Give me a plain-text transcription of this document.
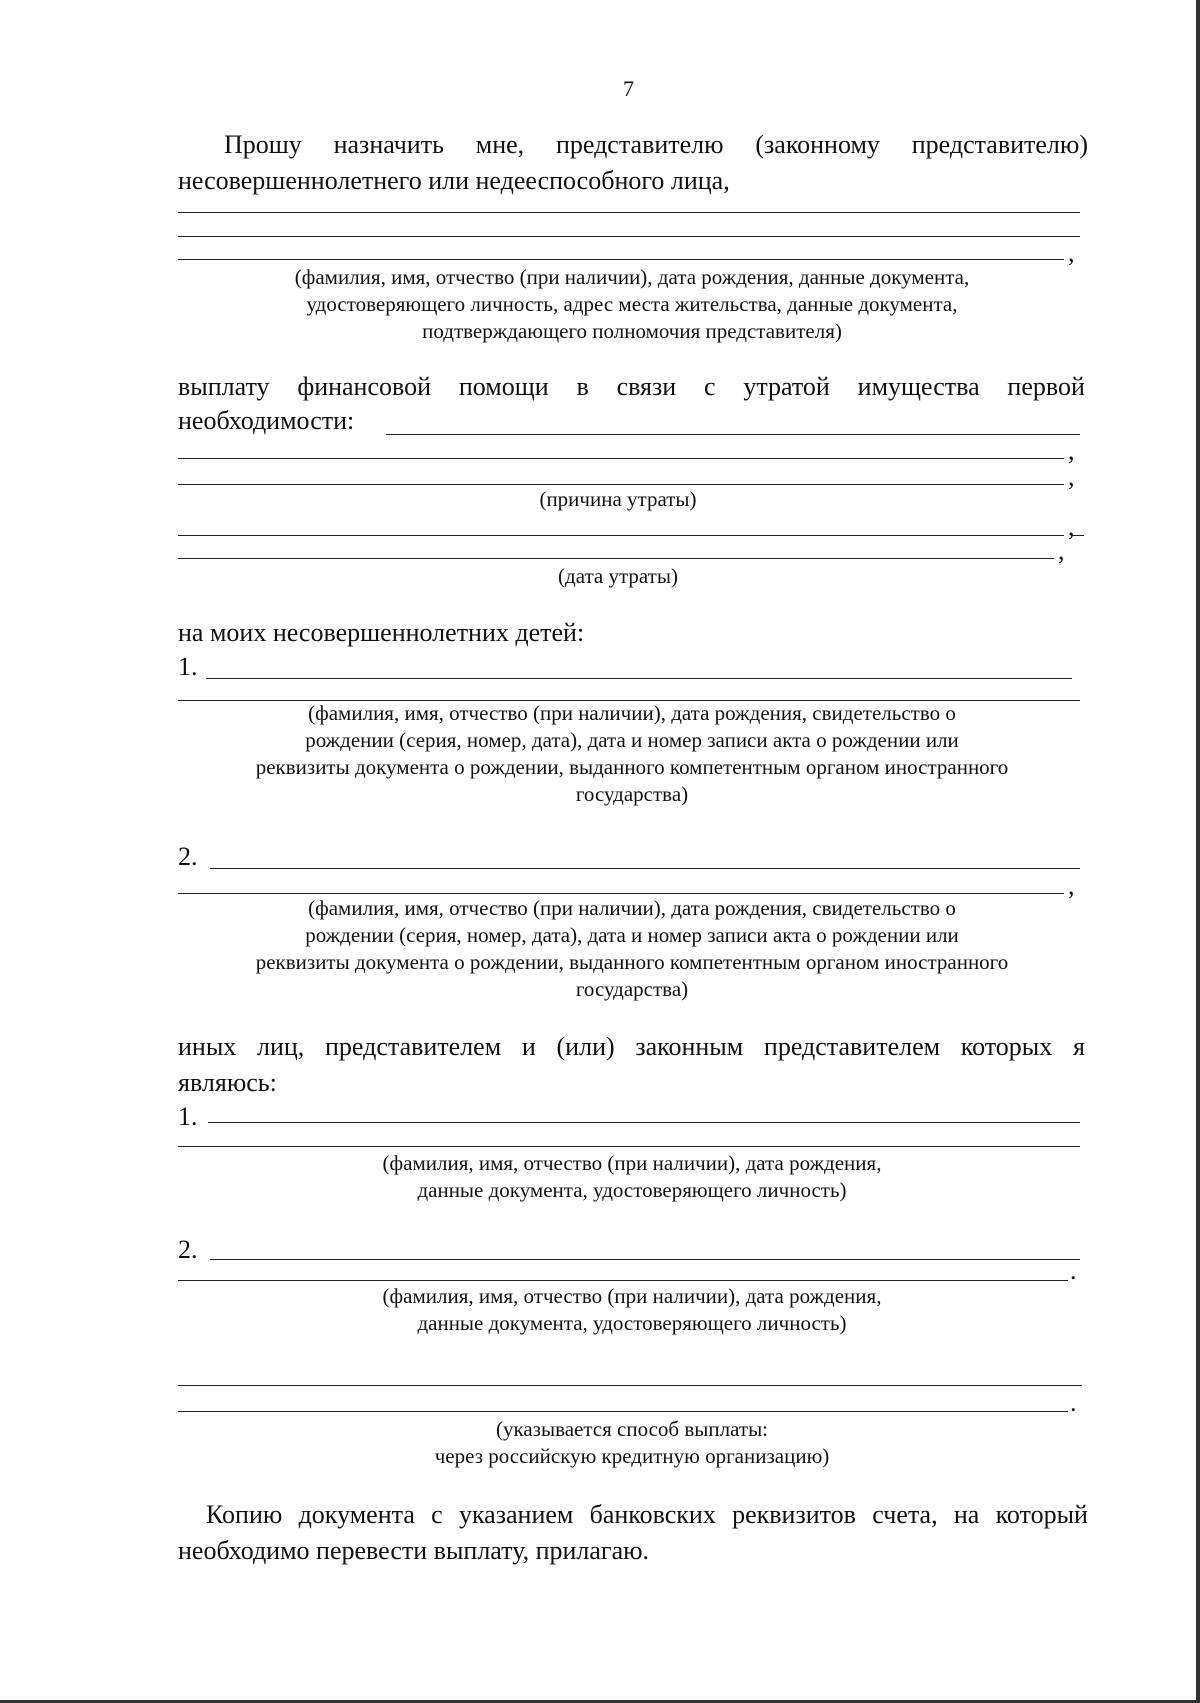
7
Прошу назначить мне, представителю (законному представителю)
несовершеннолетнего или недееспособного лица,
,
(фамилия, имя, отчество (при наличии), дата рождения, данные документа,
удостоверяющего личность, адрес места жительства, данные документа,
подтверждающего полномочия представителя)
выплату финансовой помощи в связи с утратой имущества первой
необходимости:
,
,
(причина утраты)
,
,
(дата утраты)
на моих несовершеннолетних детей:
1.
(фамилия, имя, отчество (при наличии), дата рождения, свидетельство о
рождении (серия, номер, дата), дата и номер записи акта о рождении или
реквизиты документа о рождении, выданного компетентным органом иностранного
государства)
2.
,
(фамилия, имя, отчество (при наличии), дата рождения, свидетельство о
рождении (серия, номер, дата), дата и номер записи акта о рождении или
реквизиты документа о рождении, выданного компетентным органом иностранного
государства)
иных лиц, представителем и (или) законным представителем которых я
являюсь:
1.
(фамилия, имя, отчество (при наличии), дата рождения,
данные документа, удостоверяющего личность)
2.
.
(фамилия, имя, отчество (при наличии), дата рождения,
данные документа, удостоверяющего личность)
.
(указывается способ выплаты:
через российскую кредитную организацию)
Копию документа с указанием банковских реквизитов счета, на который
необходимо перевести выплату, прилагаю.
